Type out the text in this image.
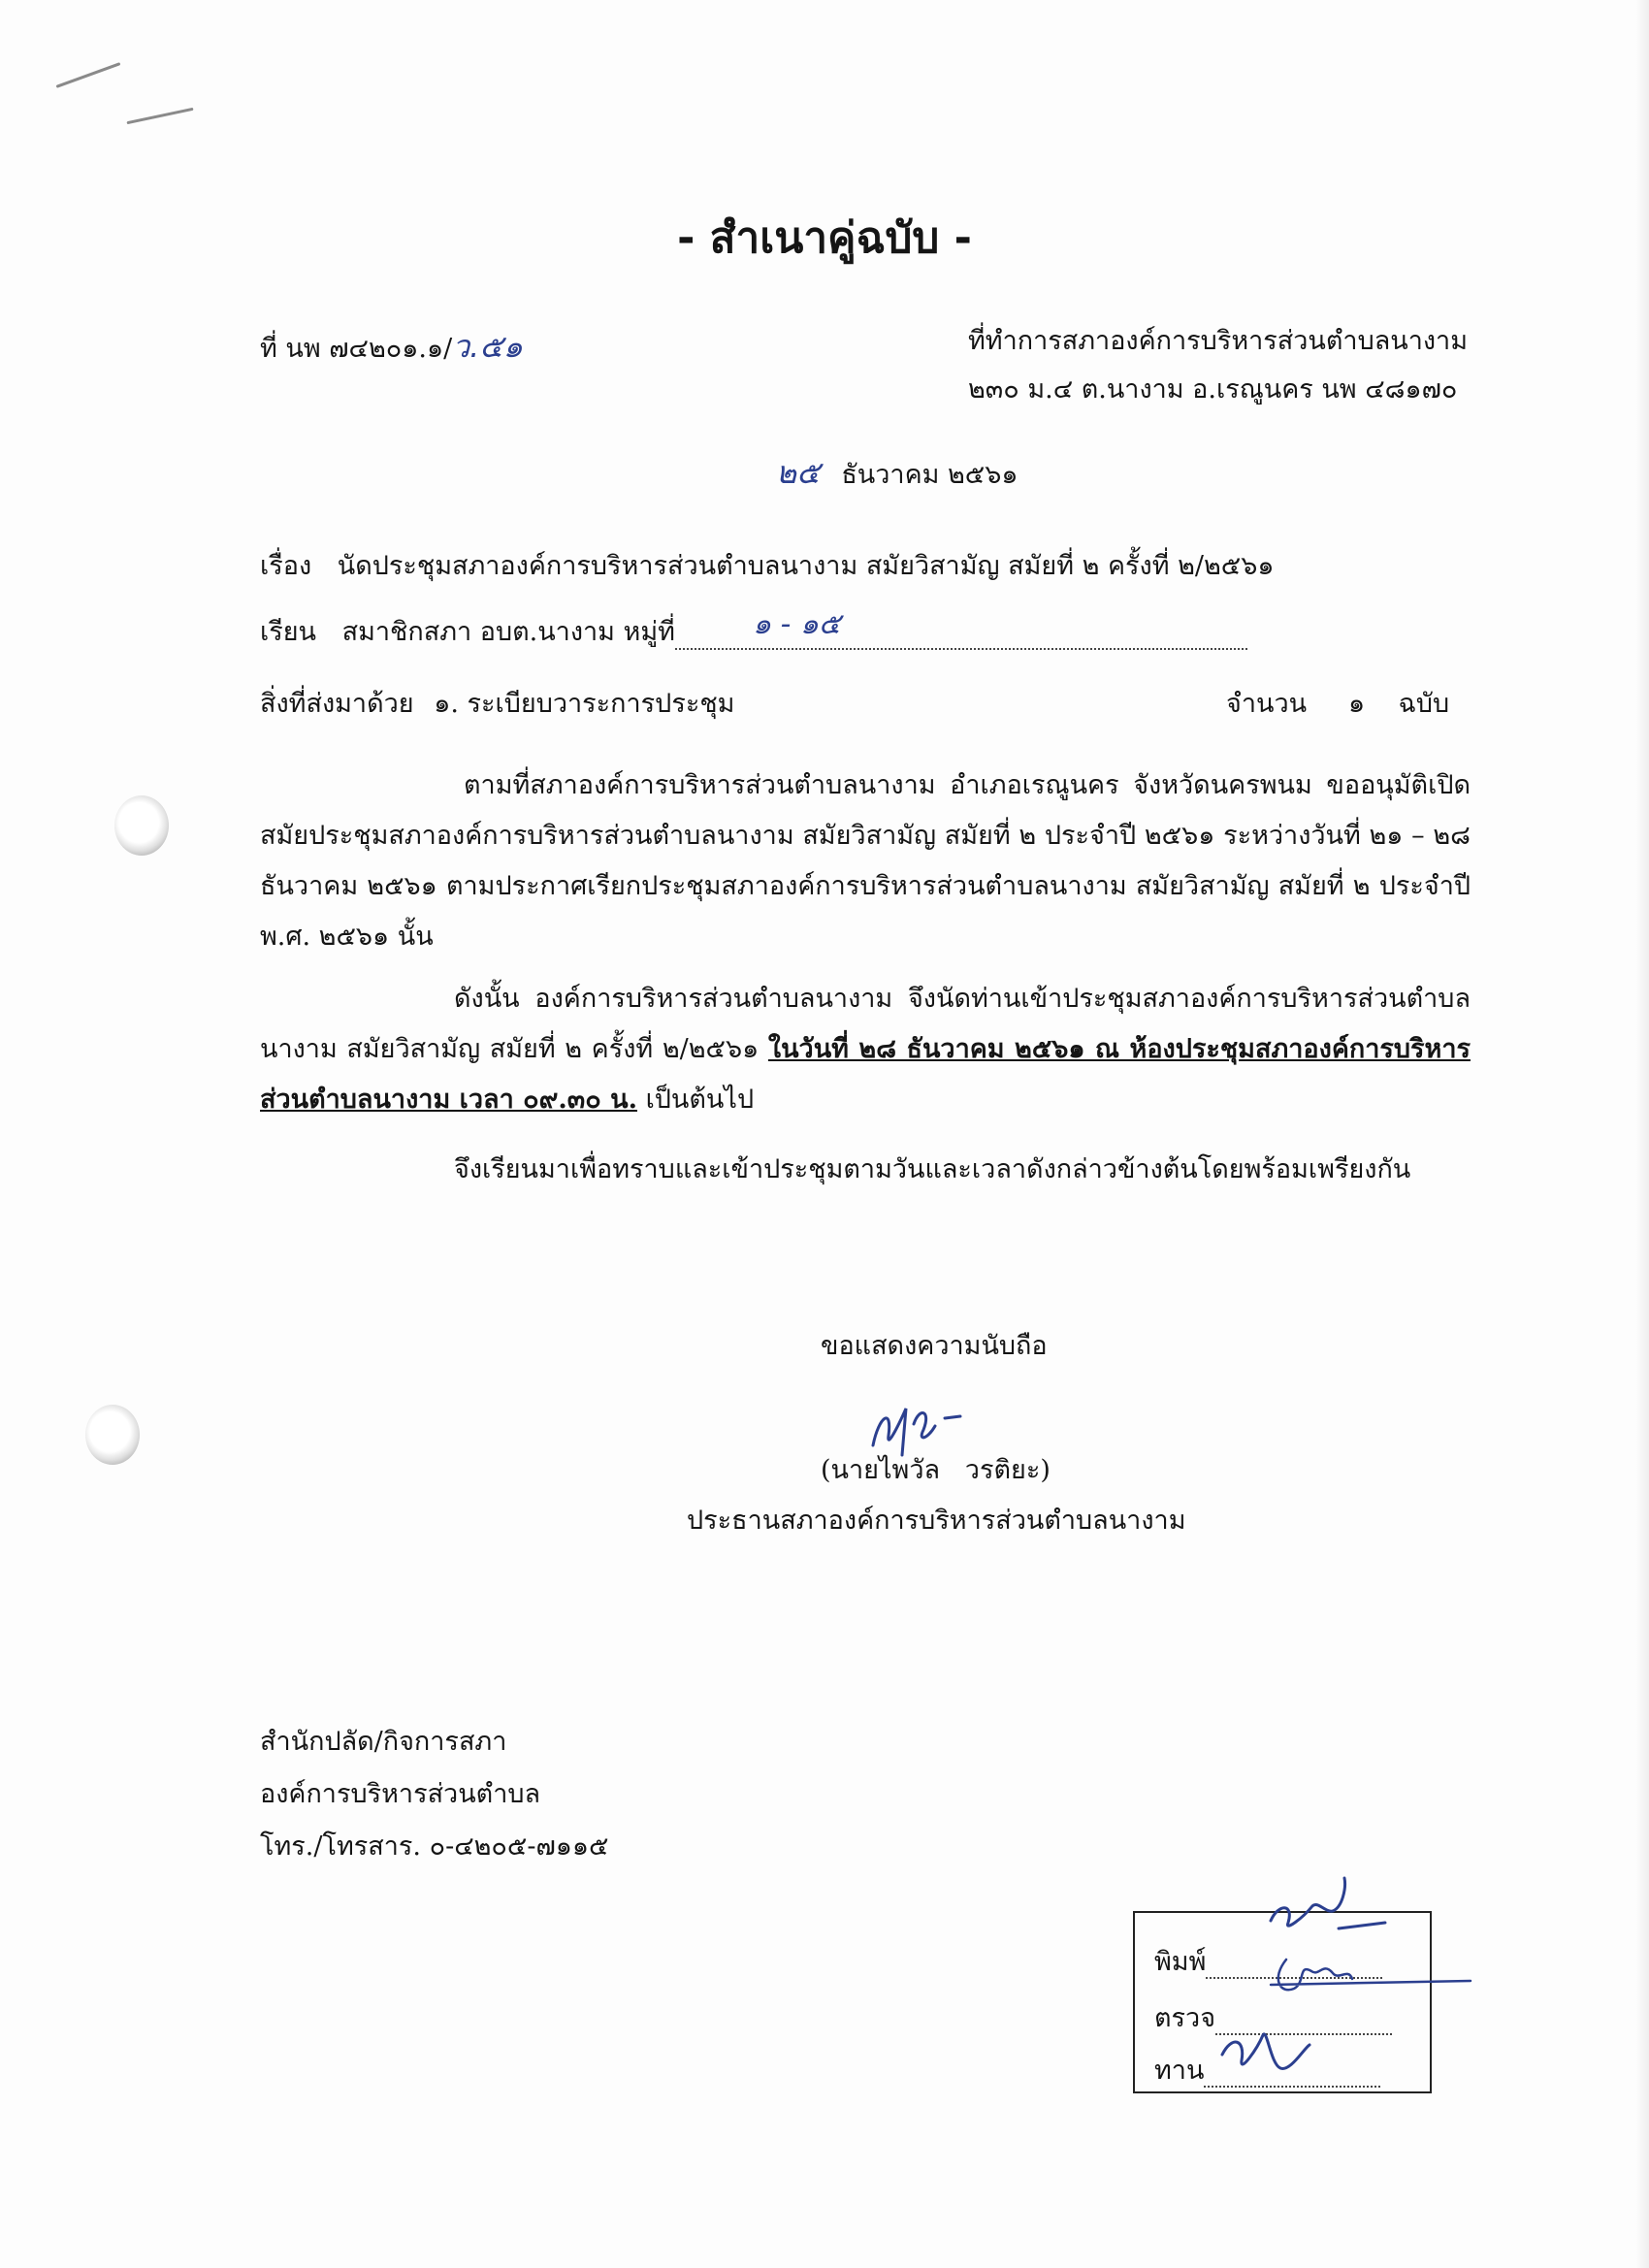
- สำเนาคู่ฉบับ -
ที่ นพ ๗๔๒๐๑.๑/ว.๕๑	ที่ทำการสภาองค์การบริหารส่วนตำบลนางาม
๒๓๐ ม.๔ ต.นางาม อ.เรณูนคร นพ ๔๘๑๗๐
๒๕ ธันวาคม ๒๕๖๑
เรื่อง นัดประชุมสภาองค์การบริหารส่วนตำบลนางาม สมัยวิสามัญ สมัยที่ ๒ ครั้งที่ ๒/๒๕๖๑
เรียน สมาชิกสภา อบต.นางาม หมู่ที่	๑ - ๑๕

สิ่งที่ส่งมาด้วย ๑. ระเบียบวาระการประชุม	จำนวน     ๑    ฉบับ
ตามที่สภาองค์การบริหารส่วนตำบลนางาม อำเภอเรณูนคร จังหวัดนครพนม ขออนุมัติเปิดสมัยประชุมสภาองค์การบริหารส่วนตำบลนางาม สมัยวิสามัญ สมัยที่ ๒ ประจำปี ๒๕๖๑ ระหว่างวันที่ ๒๑ – ๒๘ ธันวาคม ๒๕๖๑ ตามประกาศเรียกประชุมสภาองค์การบริหารส่วนตำบลนางาม สมัยวิสามัญ สมัยที่ ๒ ประจำปี พ.ศ. ๒๕๖๑ นั้น
ดังนั้น องค์การบริหารส่วนตำบลนางาม จึงนัดท่านเข้าประชุมสภาองค์การบริหารส่วนตำบลนางาม สมัยวิสามัญ สมัยที่ ๒ ครั้งที่ ๒/๒๕๖๑ ในวันที่ ๒๘ ธันวาคม ๒๕๖๑ ณ ห้องประชุมสภาองค์การบริหารส่วนตำบลนางาม เวลา ๐๙.๓๐ น. เป็นต้นไป
จึงเรียนมาเพื่อทราบและเข้าประชุมตามวันและเวลาดังกล่าวข้างต้นโดยพร้อมเพรียงกัน
ขอแสดงความนับถือ
(นายไพวัล   วรติยะ)
ประธานสภาองค์การบริหารส่วนตำบลนางาม
สำนักปลัด/กิจการสภา
องค์การบริหารส่วนตำบล
โทร./โทรสาร. ๐-๔๒๐๕-๗๑๑๕
พิมพ์
ตรวจ
ทาน
